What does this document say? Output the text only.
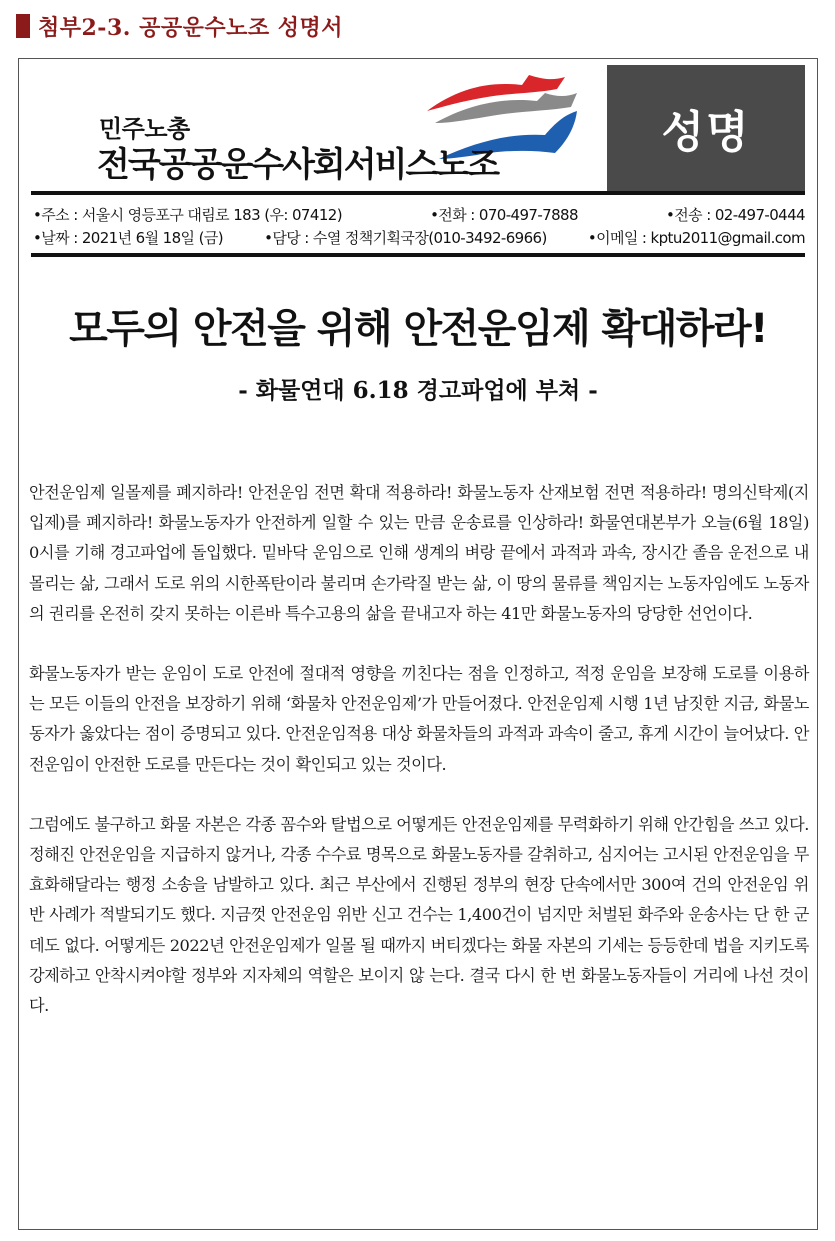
첨부2-3. 공공운수노조 성명서
민주노총
전국공공운수사회서비스노조
성명
•주소 : 서울시 영등포구 대림로 183 (우: 07412)	•전화 : 070-497-7888	•전송 : 02-497-0444
•날짜 : 2021년 6월 18일 (금)	•담당 : 수열 정책기획국장(010-3492-6966)	•이메일 : kptu2011@gmail.com
모두의 안전을 위해 안전운임제 확대하라!
- 화물연대 6.18 경고파업에 부쳐 -

안전운임제 일몰제를 폐지하라! 안전운임 전면 확대 적용하라! 화물노동자 산재보험 전면 적용하라! 명의신탁제(지입제)를 폐지하라! 화물노동자가 안전하게 일할 수 있는 만큼 운송료를 인상하라! 화물연대본부가 오늘(6월 18일) 0시를 기해 경고파업에 돌입했다. 밑바닥 운임으로 인해 생계의 벼랑 끝에서 과적과 과속, 장시간 졸음 운전으로 내몰리는 삶, 그래서 도로 위의 시한폭탄이라 불리며 손가락질 받는 삶, 이 땅의 물류를 책임지는 노동자임에도 노동자의 권리를 온전히 갖지 못하는 이른바 특수고용의 삶을 끝내고자 하는 41만 화물노동자의 당당한 선언이다.

화물노동자가 받는 운임이 도로 안전에 절대적 영향을 끼친다는 점을 인정하고, 적정 운임을 보장해 도로를 이용하는 모든 이들의 안전을 보장하기 위해 ‘화물차 안전운임제’가 만들어졌다. 안전운임제 시행 1년 남짓한 지금, 화물노동자가 옳았다는 점이 증명되고 있다. 안전운임적용 대상 화물차들의 과적과 과속이 줄고, 휴게 시간이 늘어났다. 안전운임이 안전한 도로를 만든다는 것이 확인되고 있는 것이다.

그럼에도 불구하고 화물 자본은 각종 꼼수와 탈법으로 어떻게든 안전운임제를 무력화하기 위해 안간힘을 쓰고 있다. 정해진 안전운임을 지급하지 않거나, 각종 수수료 명목으로 화물노동자를 갈취하고, 심지어는 고시된 안전운임을 무효화해달라는 행정 소송을 남발하고 있다. 최근 부산에서 진행된 정부의 현장 단속에서만 300여 건의 안전운임 위반 사례가 적발되기도 했다. 지금껏 안전운임 위반 신고 건수는 1,400건이 넘지만 처벌된 화주와 운송사는 단 한 군데도 없다. 어떻게든 2022년 안전운임제가 일몰 될 때까지 버티겠다는 화물 자본의 기세는 등등한데 법을 지키도록 강제하고 안착시켜야할 정부와 지자체의 역할은 보이지 않 는다. 결국 다시 한 번 화물노동자들이 거리에 나선 것이다.
